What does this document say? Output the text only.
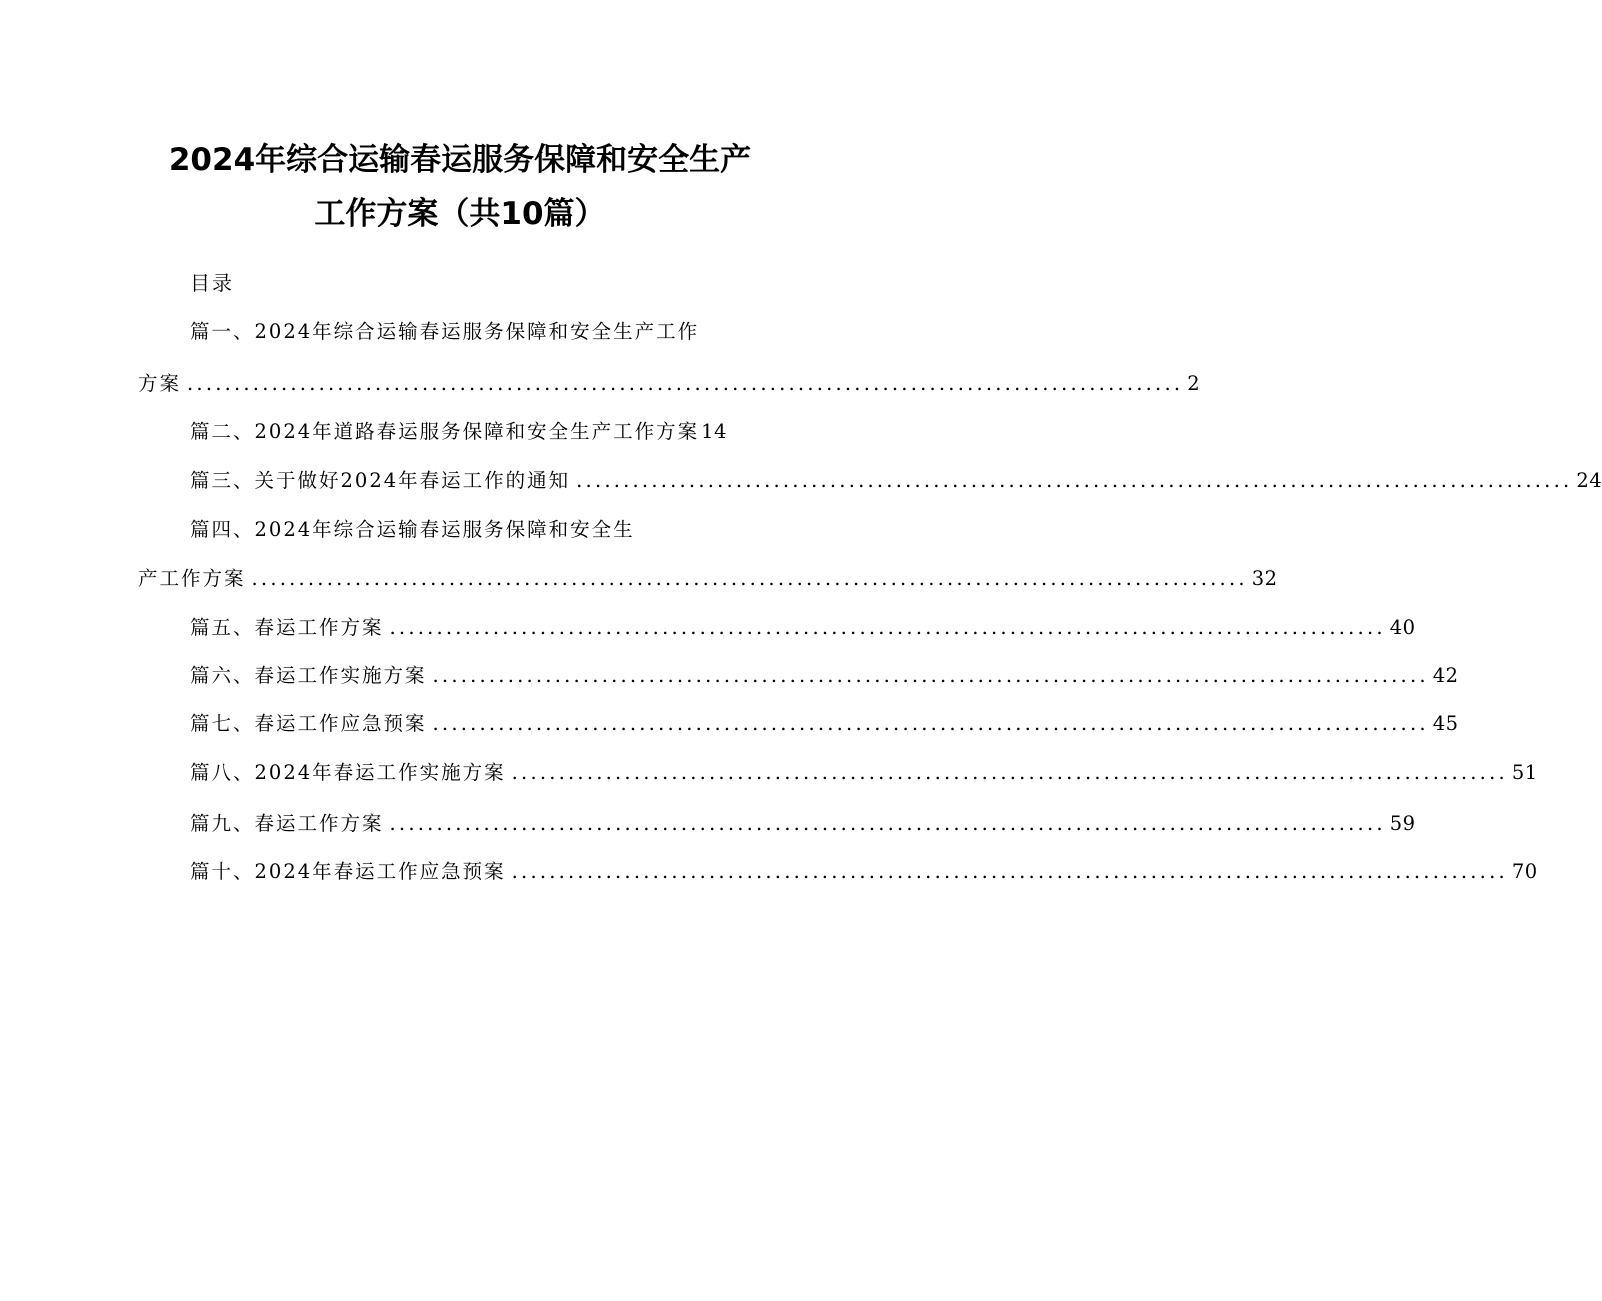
2024年综合运输春运服务保障和安全生产
工作方案（共10篇）
目录
篇一、2024年综合运输春运服务保障和安全生产工作
方案 .......................................................................................................... 2
篇二、2024年道路春运服务保障和安全生产工作方案 14
篇三、关于做好2024年春运工作的通知 .......................................................................................................... 24
篇四、2024年综合运输春运服务保障和安全生
产工作方案 .......................................................................................................... 32
篇五、春运工作方案 .......................................................................................................... 40
篇六、春运工作实施方案 .......................................................................................................... 42
篇七、春运工作应急预案 .......................................................................................................... 45
篇八、2024年春运工作实施方案 .......................................................................................................... 51
篇九、春运工作方案 .......................................................................................................... 59
篇十、2024年春运工作应急预案 .......................................................................................................... 70
